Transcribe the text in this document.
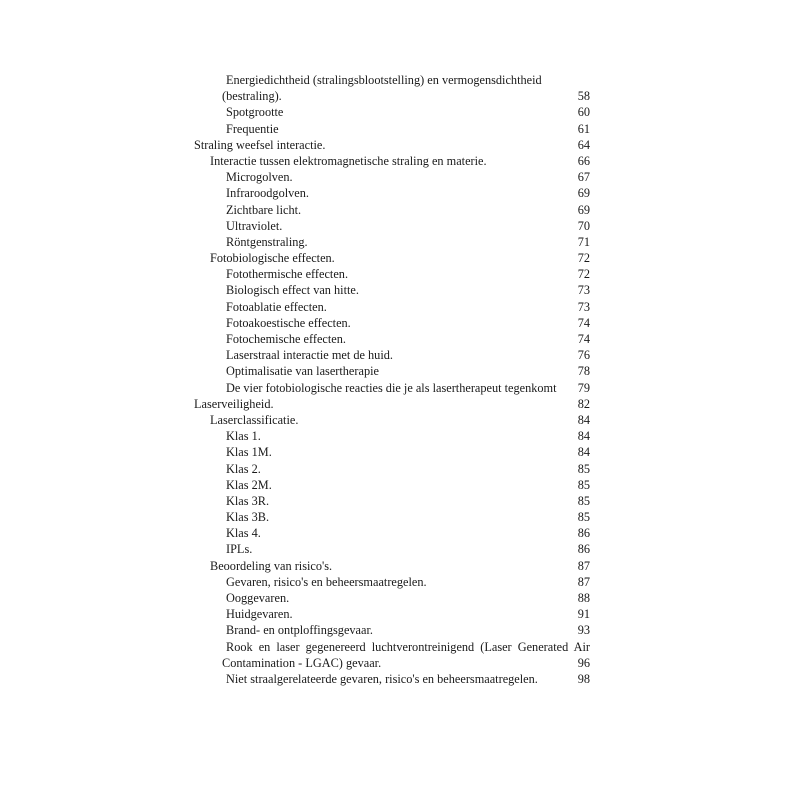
Energiedichtheid (stralingsblootstelling) en vermogensdichtheid
(bestraling).	58
Spotgrootte	60
Frequentie	61
Straling weefsel interactie.	64
Interactie tussen elektromagnetische straling en materie.	66
Microgolven.	67
Infraroodgolven.	69
Zichtbare licht.	69
Ultraviolet.	70
Röntgenstraling.	71
Fotobiologische effecten.	72
Fotothermische effecten.	72
Biologisch effect van hitte.	73
Fotoablatie effecten.	73
Fotoakoestische effecten.	74
Fotochemische effecten.	74
Laserstraal interactie met de huid.	76
Optimalisatie van lasertherapie	78
De vier fotobiologische reacties die je als lasertherapeut tegenkomt	79
Laserveiligheid.	82
Laserclassificatie.	84
Klas 1.	84
Klas 1M.	84
Klas 2.	85
Klas 2M.	85
Klas 3R.	85
Klas 3B.	85
Klas 4.	86
IPLs.	86
Beoordeling van risico's.	87
Gevaren, risico's en beheersmaatregelen.	87
Ooggevaren.	88
Huidgevaren.	91
Brand- en ontploffingsgevaar.	93
Rook en laser gegenereerd luchtverontreinigend (Laser Generated Air
Contamination - LGAC) gevaar.	96
Niet straalgerelateerde gevaren, risico's en beheersmaatregelen.	98
